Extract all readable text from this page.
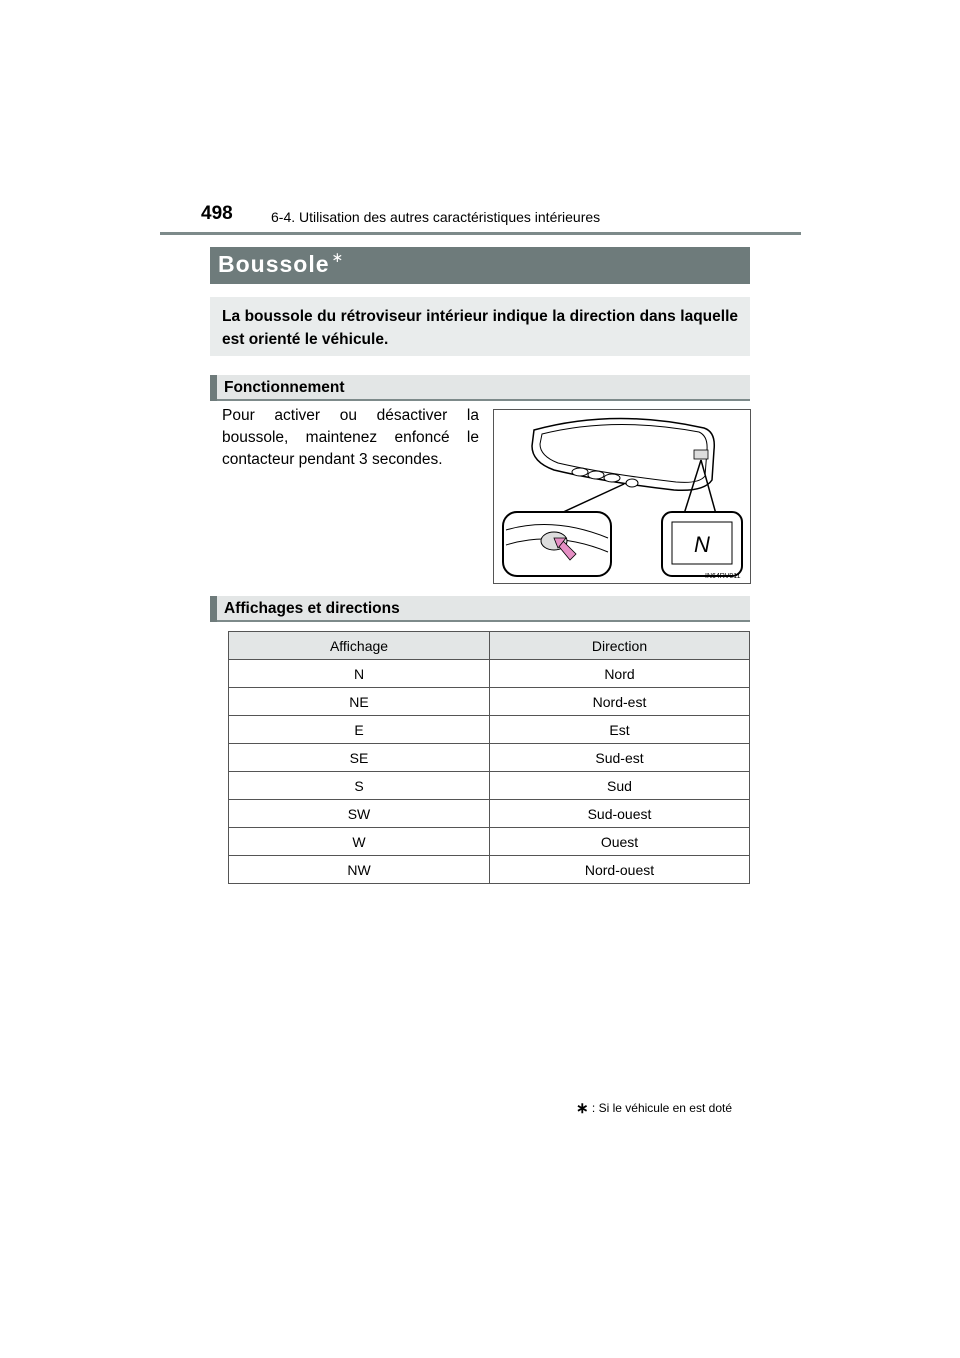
498	6-4. Utilisation des autres caractéristiques intérieures
Boussole ∗
La boussole du rétroviseur intérieur indique la direction dans laquelle est orienté le véhicule.
Fonctionnement
Pour activer ou désactiver la boussole, maintenez enfoncé le contacteur pendant 3 secondes.
N
IN64RV011
Affichages et directions
Affichage	Direction
N	Nord
NE	Nord-est
E	Est
SE	Sud-est
S	Sud
SW	Sud-ouest
W	Ouest
NW	Nord-ouest
∗ : Si le véhicule en est doté
